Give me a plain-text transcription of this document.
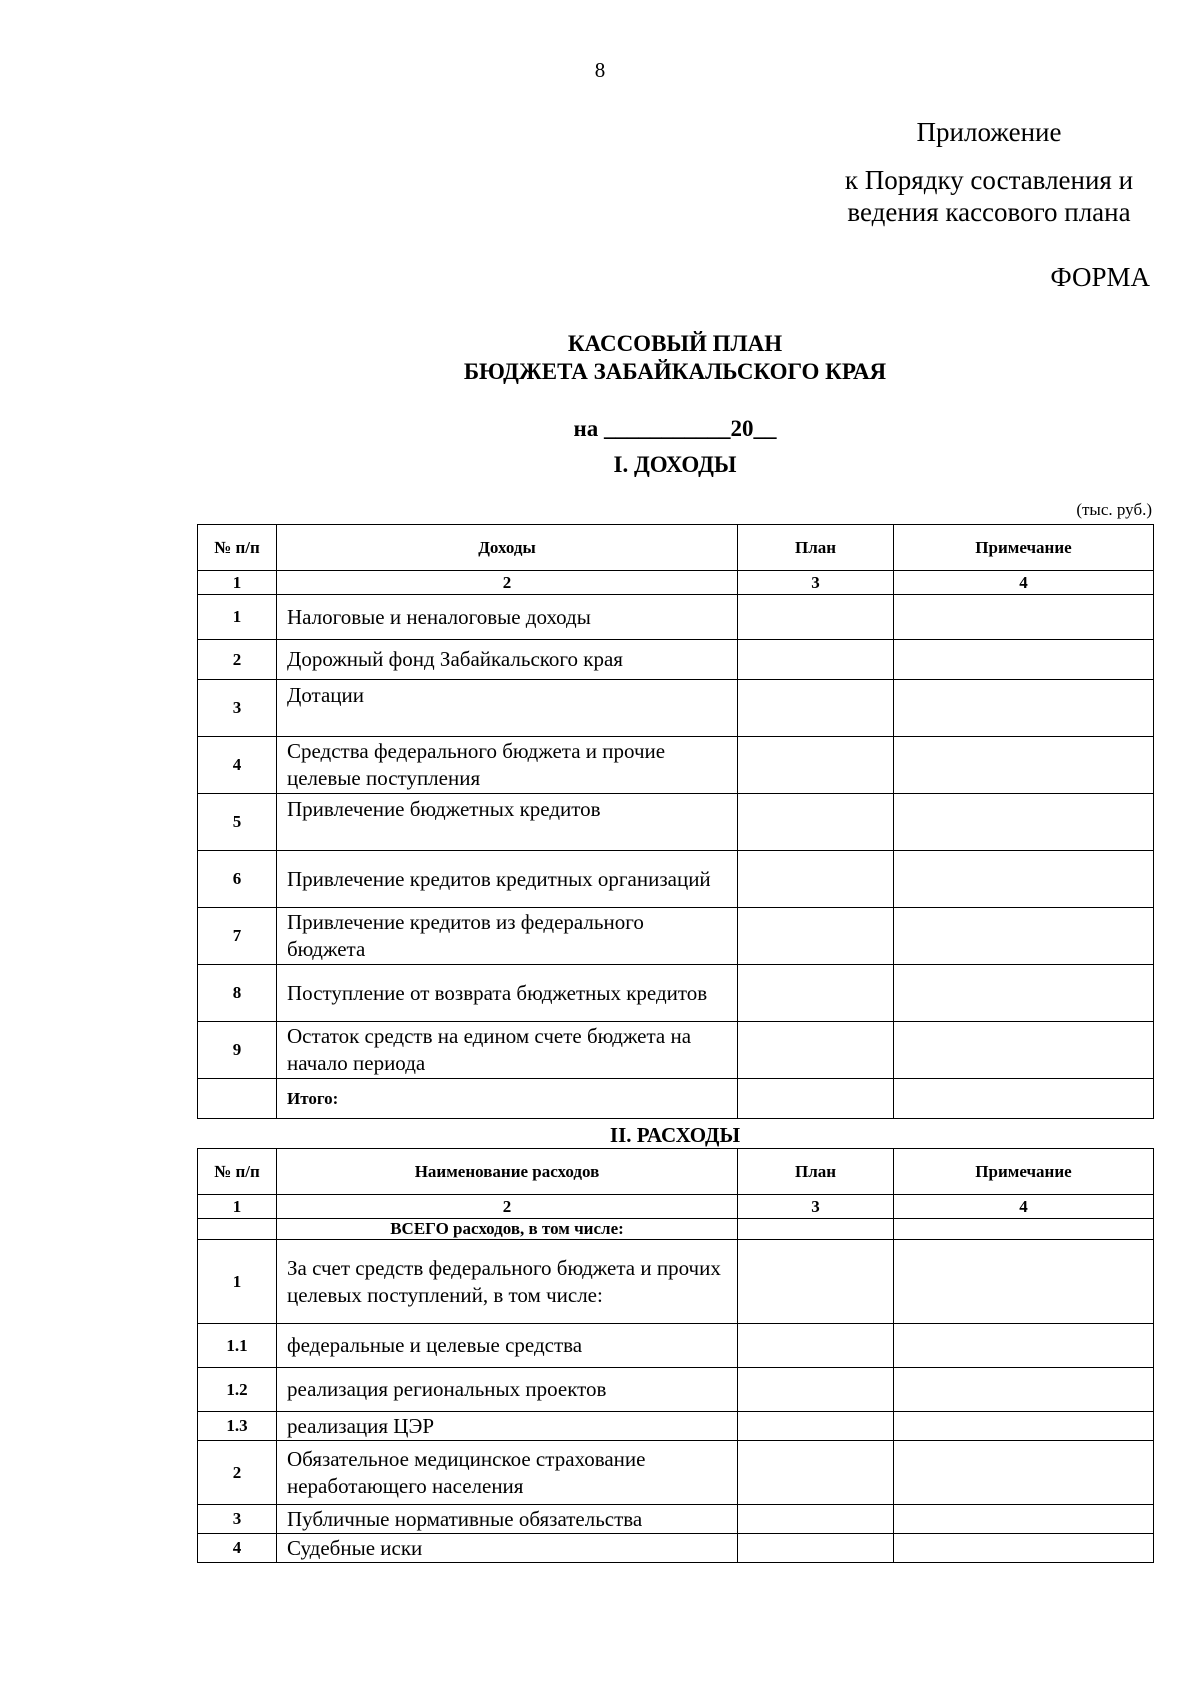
8
Приложение
к Порядку составления и
ведения кассового плана
ФОРМА
КАССОВЫЙ ПЛАН
БЮДЖЕТА ЗАБАЙКАЛЬСКОГО КРАЯ
на ___________20__
I. ДОХОДЫ
(тыс. руб.)
№ п/п	Доходы	План	Примечание
1	2	3	4
1	Налоговые и неналоговые доходы		
2	Дорожный фонд Забайкальского края		
3	Дотации		
4	Средства федерального бюджета и прочие целевые поступления		
5	Привлечение бюджетных кредитов		
6	Привлечение кредитов кредитных организаций		
7	Привлечение кредитов из федерального бюджета		
8	Поступление от возврата бюджетных кредитов		
9	Остаток средств на едином счете бюджета на начало периода		
	Итого:		
II. РАСХОДЫ
№ п/п	Наименование расходов	План	Примечание
1	2	3	4
	ВСЕГО расходов, в том числе:		
1	За счет средств федерального бюджета и прочих целевых поступлений, в том числе:		
1.1	федеральные и целевые средства		
1.2	реализация региональных проектов		
1.3	реализация ЦЭР		
2	Обязательное медицинское страхование неработающего населения		
3	Публичные нормативные обязательства		
4	Судебные иски		
